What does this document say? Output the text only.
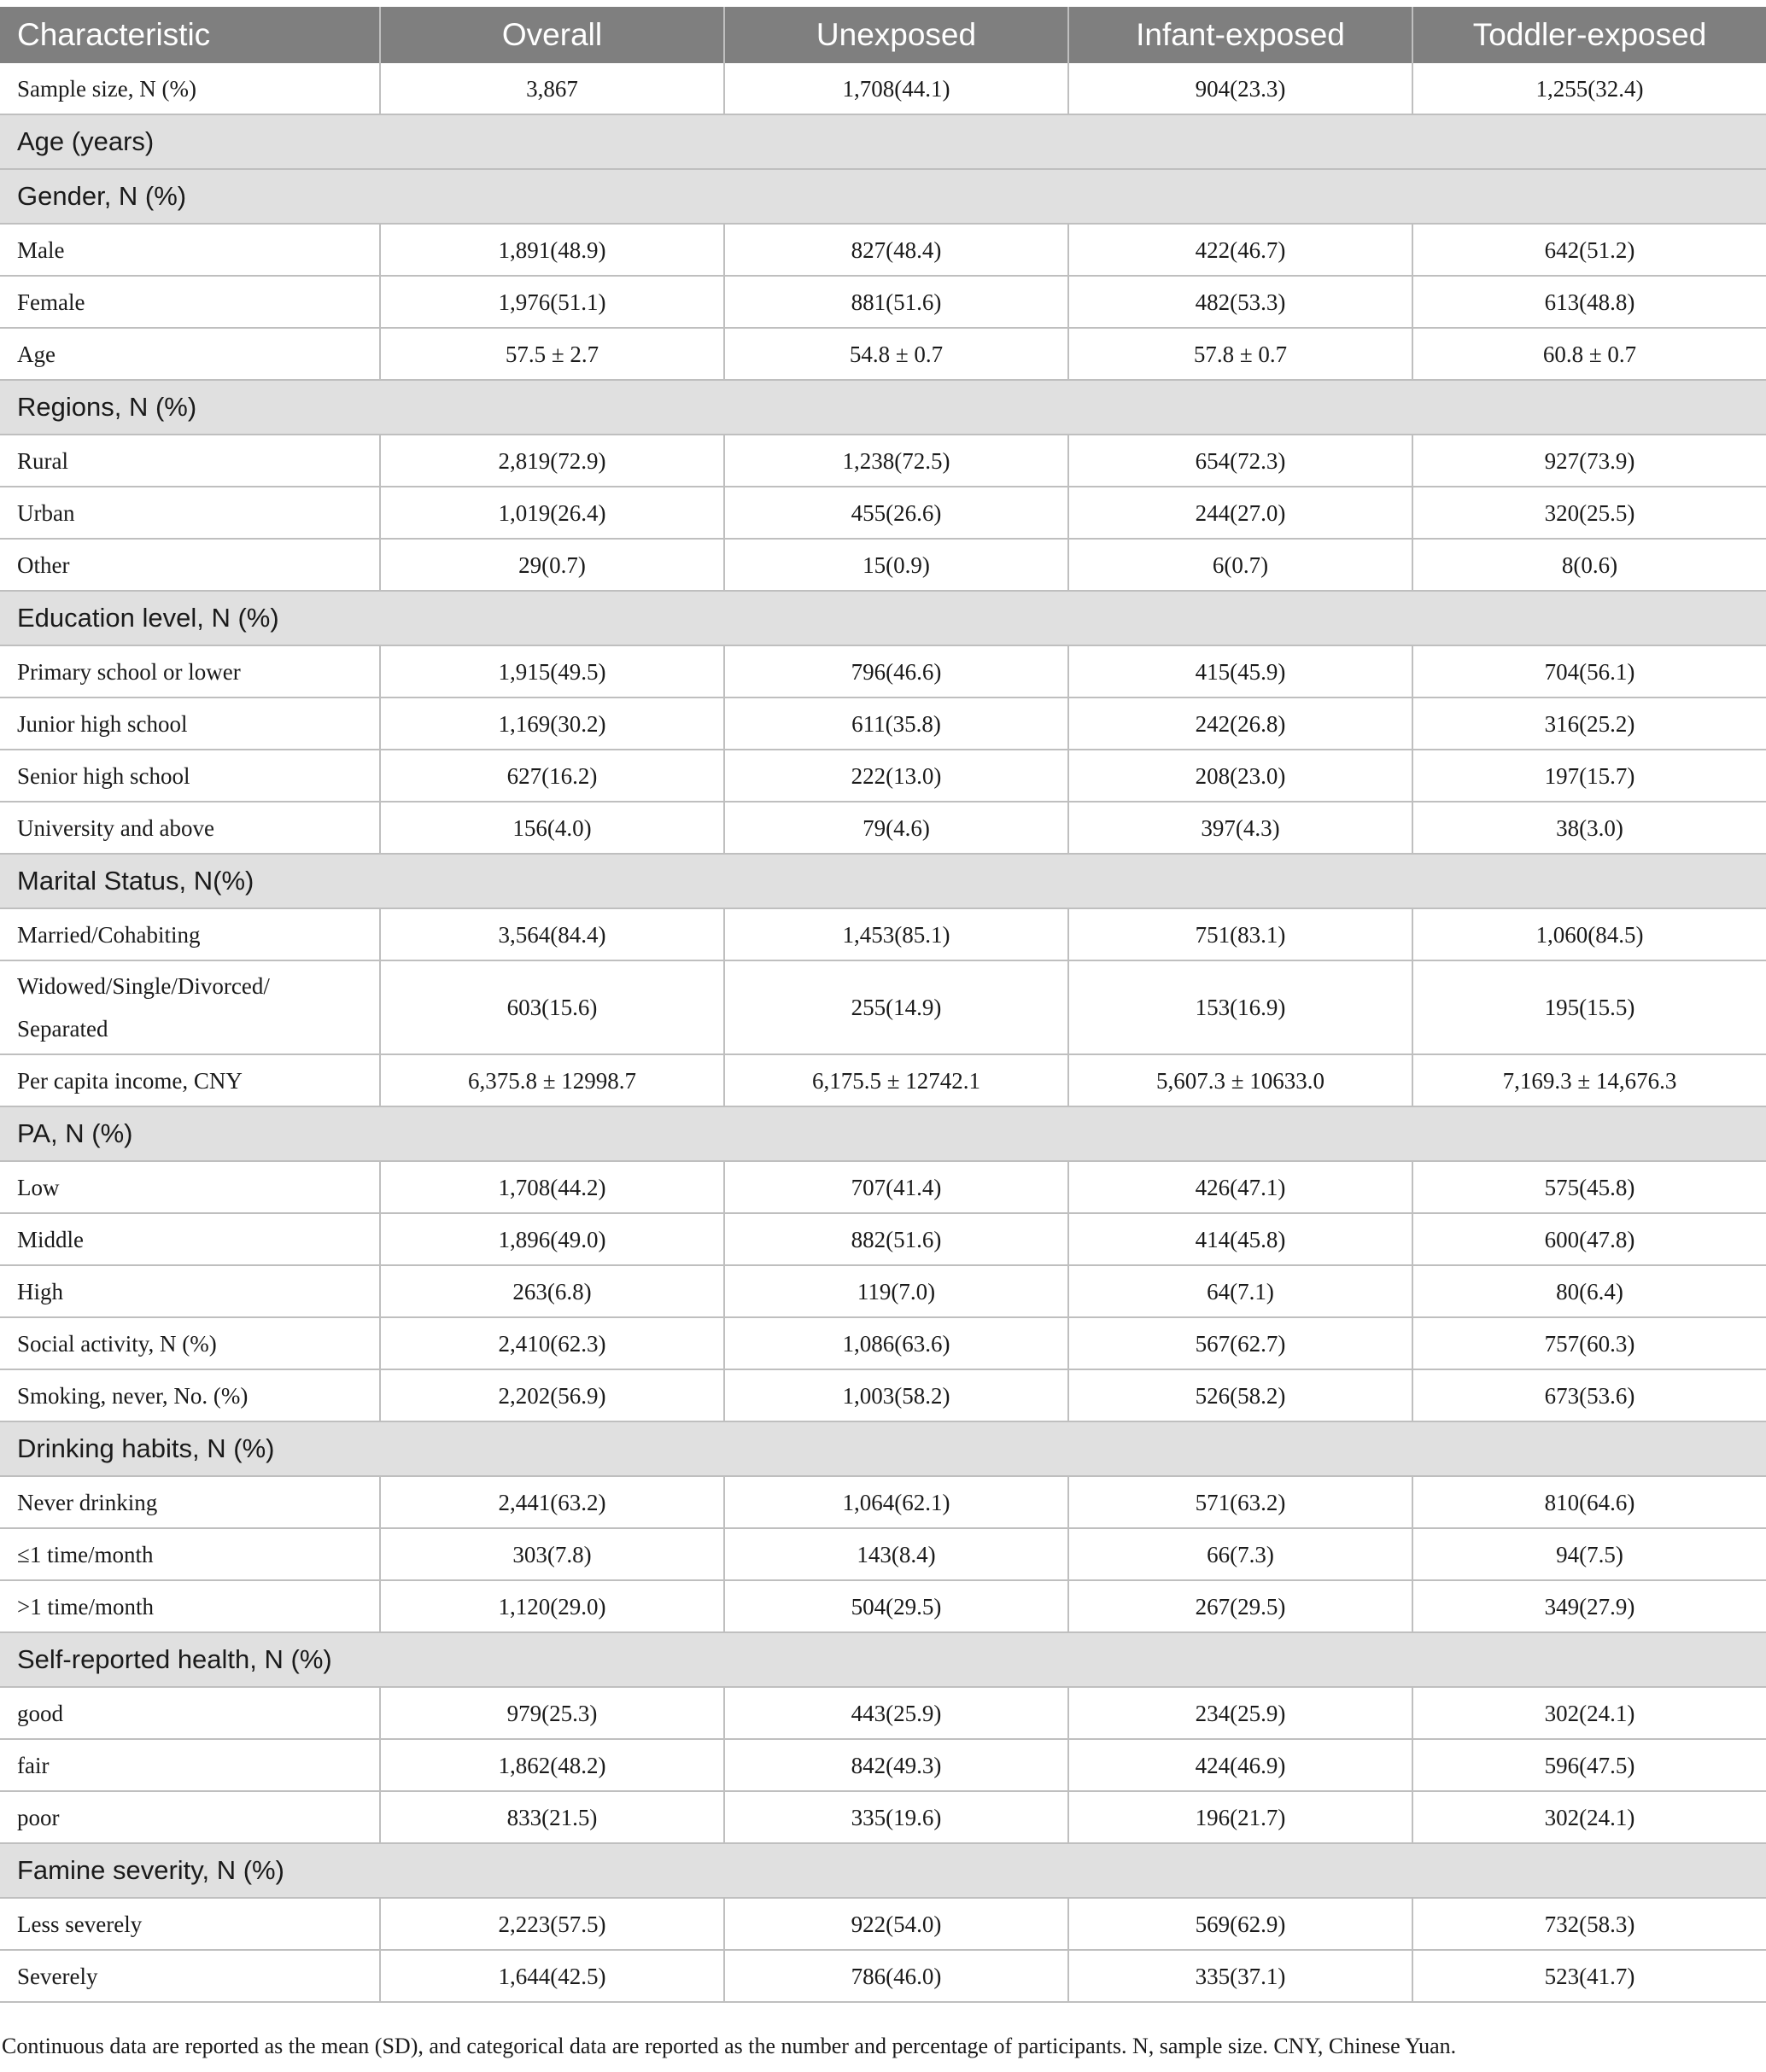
Characteristic	Overall	Unexposed	Infant-exposed	Toddler-exposed
Sample size, N (%)	3,867	1,708(44.1)	904(23.3)	1,255(32.4)
Age (years)				
Gender, N (%)				
Male	1,891(48.9)	827(48.4)	422(46.7)	642(51.2)
Female	1,976(51.1)	881(51.6)	482(53.3)	613(48.8)
Age	57.5 ± 2.7	54.8 ± 0.7	57.8 ± 0.7	60.8 ± 0.7
Regions, N (%)				
Rural	2,819(72.9)	1,238(72.5)	654(72.3)	927(73.9)
Urban	1,019(26.4)	455(26.6)	244(27.0)	320(25.5)
Other	29(0.7)	15(0.9)	6(0.7)	8(0.6)
Education level, N (%)				
Primary school or lower	1,915(49.5)	796(46.6)	415(45.9)	704(56.1)
Junior high school	1,169(30.2)	611(35.8)	242(26.8)	316(25.2)
Senior high school	627(16.2)	222(13.0)	208(23.0)	197(15.7)
University and above	156(4.0)	79(4.6)	397(4.3)	38(3.0)
Marital Status, N(%)				
Married/Cohabiting	3,564(84.4)	1,453(85.1)	751(83.1)	1,060(84.5)
Widowed/Single/Divorced/ Separated	603(15.6)	255(14.9)	153(16.9)	195(15.5)
Per capita income, CNY	6,375.8 ± 12998.7	6,175.5 ± 12742.1	5,607.3 ± 10633.0	7,169.3 ± 14,676.3
PA, N (%)				
Low	1,708(44.2)	707(41.4)	426(47.1)	575(45.8)
Middle	1,896(49.0)	882(51.6)	414(45.8)	600(47.8)
High	263(6.8)	119(7.0)	64(7.1)	80(6.4)
Social activity, N (%)	2,410(62.3)	1,086(63.6)	567(62.7)	757(60.3)
Smoking, never, No. (%)	2,202(56.9)	1,003(58.2)	526(58.2)	673(53.6)
Drinking habits, N (%)				
Never drinking	2,441(63.2)	1,064(62.1)	571(63.2)	810(64.6)
≤1 time/month	303(7.8)	143(8.4)	66(7.3)	94(7.5)
>1 time/month	1,120(29.0)	504(29.5)	267(29.5)	349(27.9)
Self-reported health, N (%)				
good	979(25.3)	443(25.9)	234(25.9)	302(24.1)
fair	1,862(48.2)	842(49.3)	424(46.9)	596(47.5)
poor	833(21.5)	335(19.6)	196(21.7)	302(24.1)
Famine severity, N (%)				
Less severely	2,223(57.5)	922(54.0)	569(62.9)	732(58.3)
Severely	1,644(42.5)	786(46.0)	335(37.1)	523(41.7)
Continuous data are reported as the mean (SD), and categorical data are reported as the number and percentage of participants. N, sample size. CNY, Chinese Yuan.
